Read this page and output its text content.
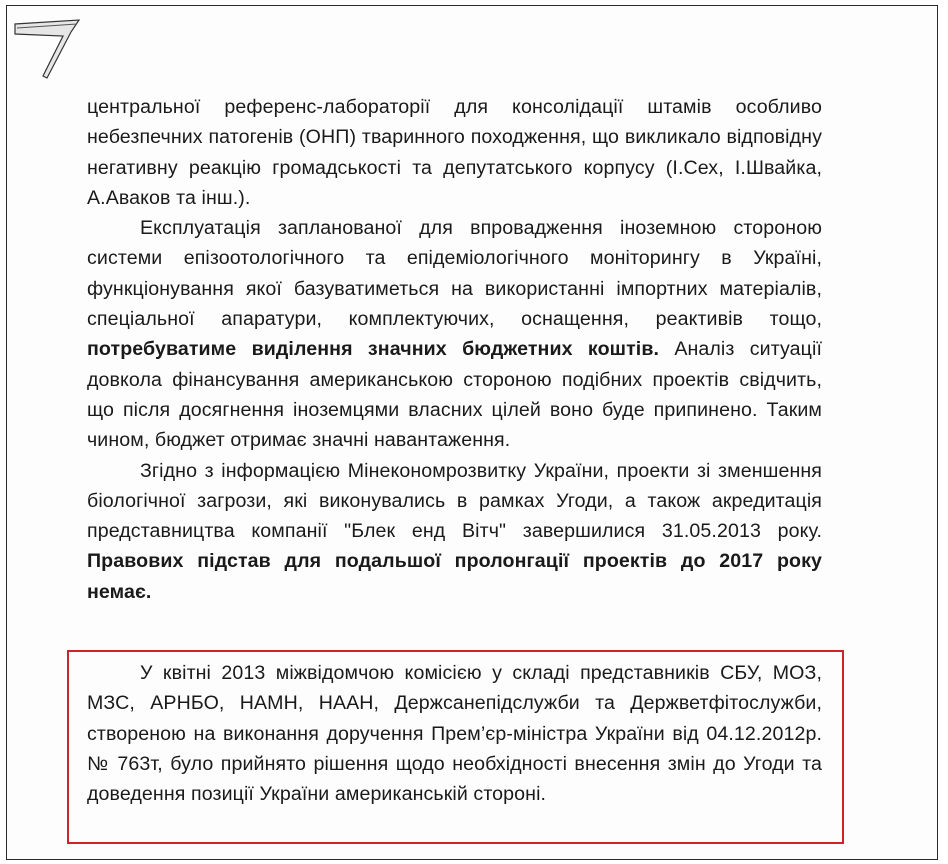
центральної референс-лабораторії для консолідації штамів особливо небезпечних патогенів (ОНП) тваринного походження, що викликало відповідну негативну реакцію громадськості та депутатського корпусу (І.Сех, І.Швайка, А.Аваков та інш.).

Експлуатація запланованої для впровадження іноземною стороною системи епізоотологічного та епідеміологічного моніторингу в Україні, функціонування якої базуватиметься на використанні імпортних матеріалів, спеціальної апаратури, комплектуючих, оснащення, реактивів тощо, потребуватиме виділення значних бюджетних коштів. Аналіз ситуації довкола фінансування американською стороною подібних проектів свідчить, що після досягнення іноземцями власних цілей воно буде припинено. Таким чином, бюджет отримає значні навантаження.

Згідно з інформацією Мінекономрозвитку України, проекти зі зменшення біологічної загрози, які виконувались в рамках Угоди, а також акредитація представництва компанії "Блек енд Вітч" завершилися 31.05.2013 року. Правових підстав для подальшої пролонгації проектів до 2017 року немає.

У квітні 2013 міжвідомчою комісією у складі представників СБУ, МОЗ, МЗС, АРНБО, НАМН, НААН, Держсанепідслужби та Держветфітослужби, створеною на виконання доручення Прем’єр-міністра України від 04.12.2012р. № 763т, було прийнято рішення щодо необхідності внесення змін до Угоди та доведення позиції України американській стороні.
